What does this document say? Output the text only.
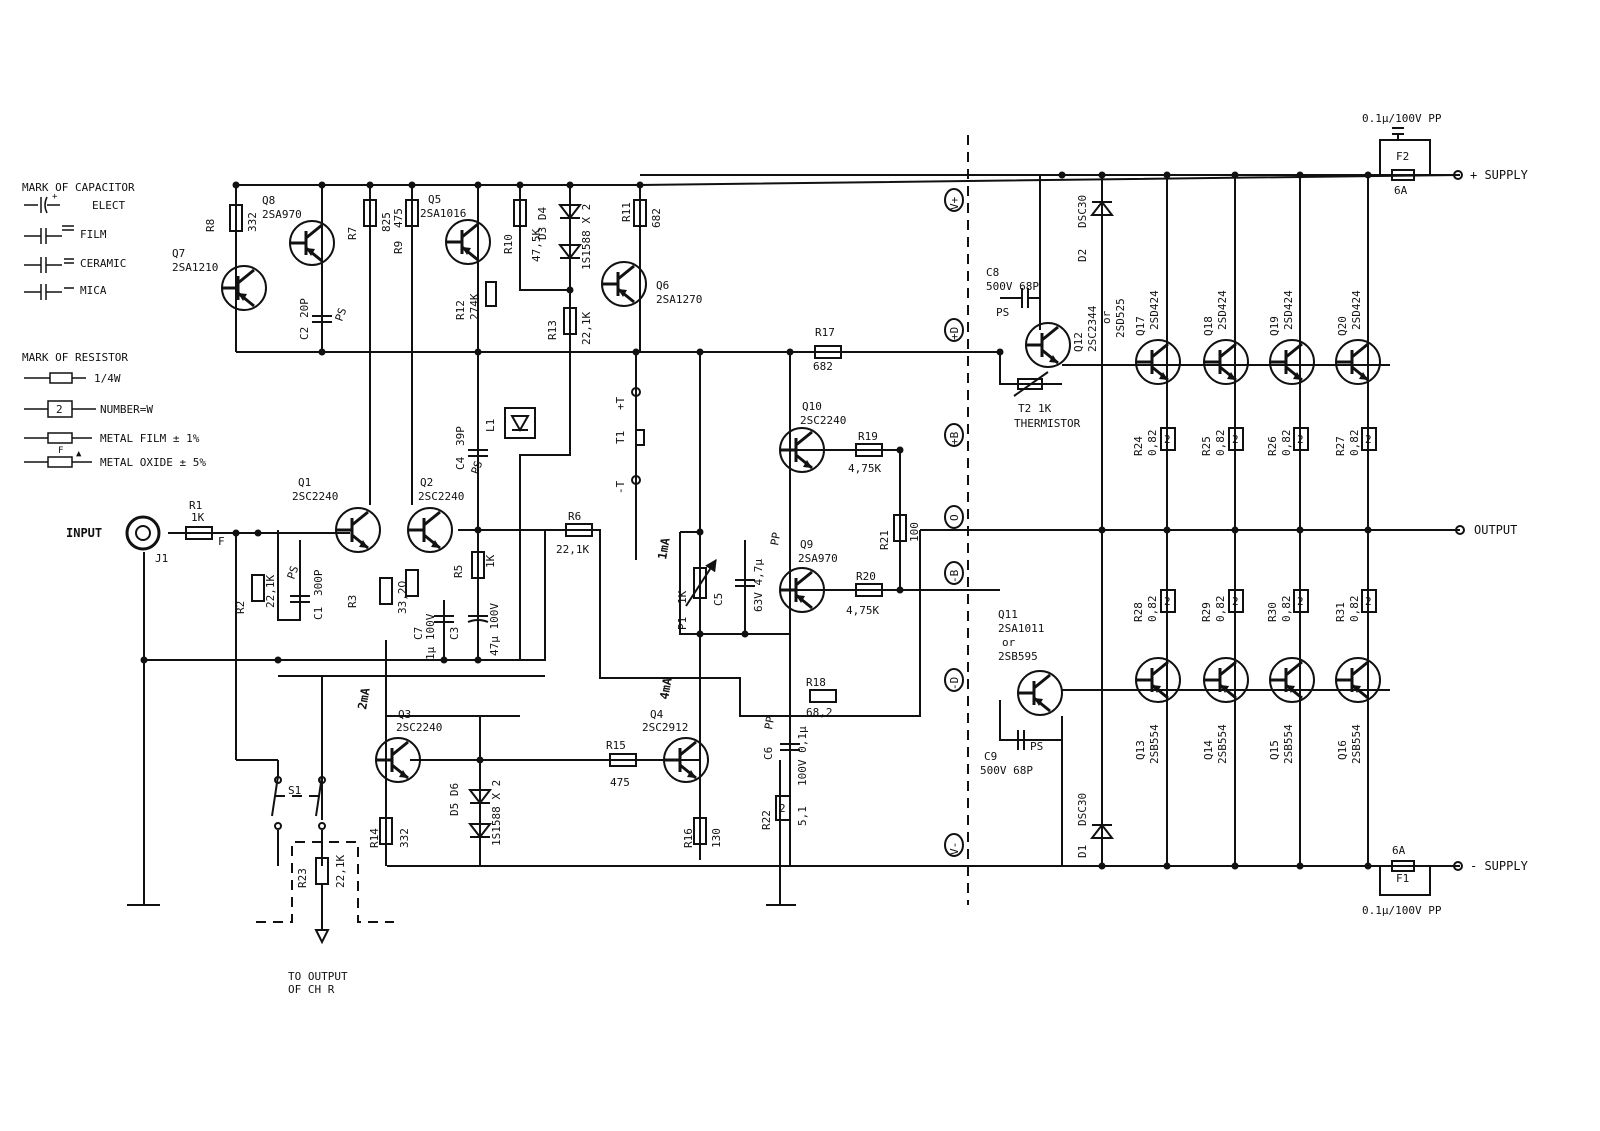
MARK OF CAPACITOR
+
ELECT
FILM
CERAMIC
MICA
MARK OF RESISTOR
1/4W
2	NUMBER=W
F
METAL FILM ± 1%
▲
METAL OXIDE ± 5%
INPUT
J1
R1
1K
F
R6
22,1K
R15
475
R17
682
R19
4,75K
R20
4,75K
R18
68,2
R8	332
R7
825
R9
475
R10 47,5K
R11 682
R12 274K
R13 22,1K
R2 22,1K	R3	33,2Ω
R5
1K
R14 332	R16 130
R21 100
2
R22 5,1
R23 22,1K
TO OUTPUT
OF CH R
2
R24 0,82	2
R25 0,82	2
R26 0,82	2
R27 0,82
2
R28 0,82	2
R29 0,82	2
R30 0,82	2
R31 0,82
Q7
2SA1210
Q8
2SA970
Q5
2SA1016
Q6
2SA1270
Q1
2SC2240
Q2
2SC2240
Q3
2SC2240
Q4
2SC2912
Q10
2SC2240
Q9
2SA970
Q11
2SA1011
or
2SB595
Q12 2SC2344 or 2SD525 Q17 2SD424	Q18 2SD424	Q19 2SD424	Q20 2SD424
Q13 2SB554	Q14 2SB554	Q15 2SB554	Q16 2SB554
C2
20P PS
C1
300P
PS
C4
39P
PS
C7 1µ 100V C3 47µ 100V
C5 63V 4,7µ
PP
C6 100V 0,1µ
PP
C8
500V 68P
PS
C9
500V 68P
PS
D3 D4	1S1588 X 2
L1
D5 D6	1S1588 X 2
D2
DSC30
D1
DSC30
P1
1K
T1
+T
-T
T2 1K
THERMISTOR
S1
0.1µ/100V PP
F2
6A
F1
6A
0.1µ/100V PP
+ SUPPLY
- SUPPLY
OUTPUT
V+
+D
+B
O
-B
-D
V-
1mA
4mA
2mA
